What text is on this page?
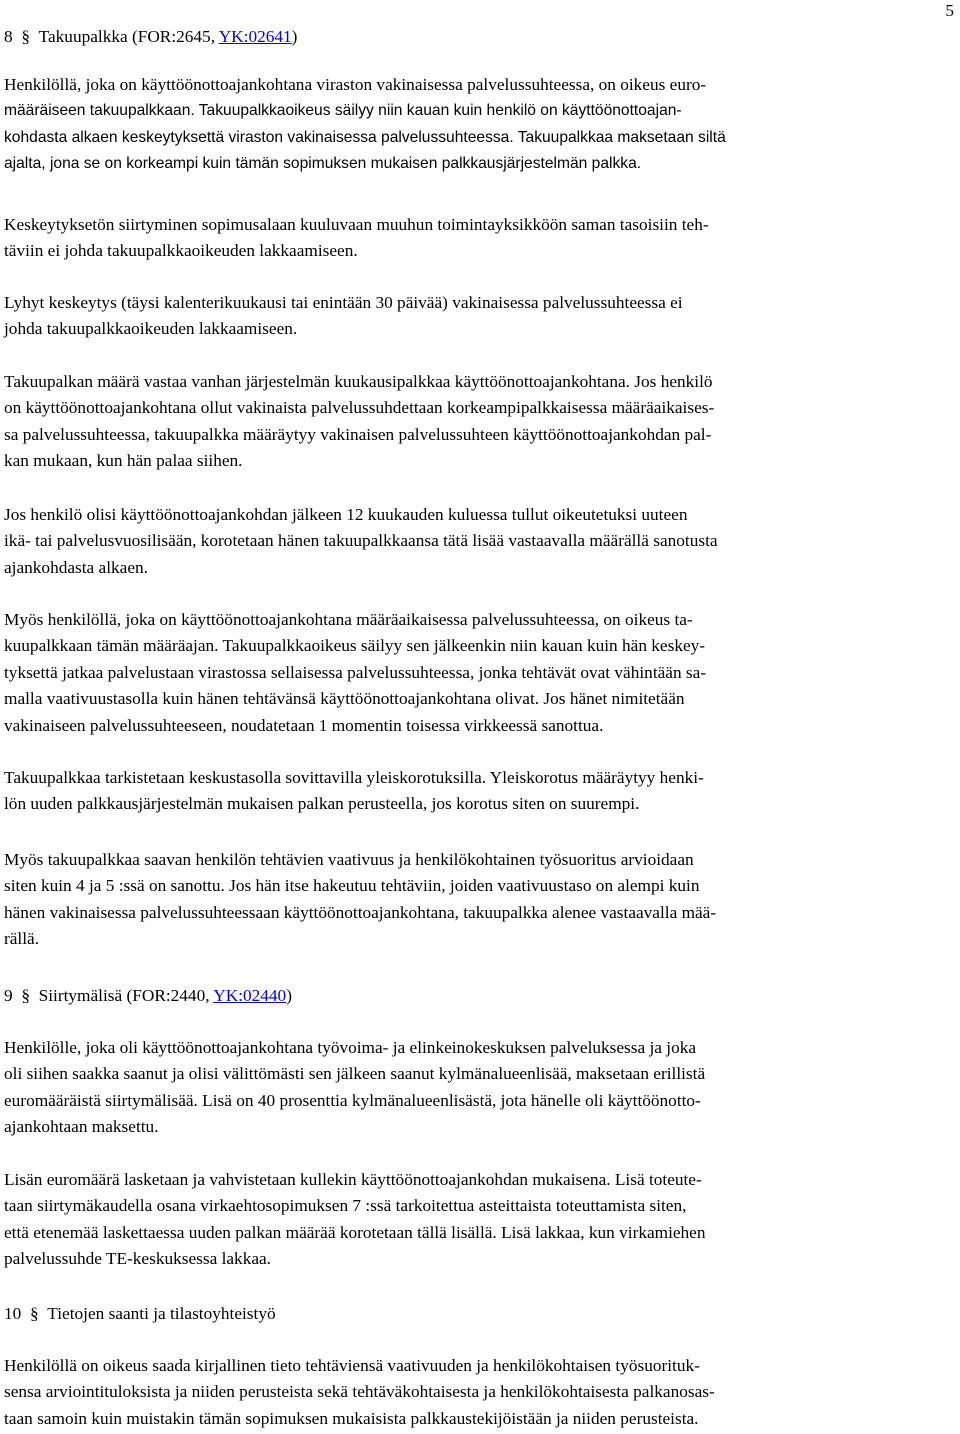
5
8 § Takuupalkka (FOR:2645, YK:02641)
Henkilöllä, joka on käyttöönottoajankohtana viraston vakinaisessa palvelussuhteessa, on oikeus euro-
määräiseen takuupalkkaan. Takuupalkkaoikeus säilyy niin kauan kuin henkilö on käyttöönottoajan-
kohdasta alkaen keskeytyksettä viraston vakinaisessa palvelussuhteessa. Takuupalkkaa maksetaan siltä
ajalta, jona se on korkeampi kuin tämän sopimuksen mukaisen palkkausjärjestelmän palkka.
Keskeytyksetön siirtyminen sopimusalaan kuuluvaan muuhun toimintayksikköön saman tasoisiin teh-
täviin ei johda takuupalkkaoikeuden lakkaamiseen.
Lyhyt keskeytys (täysi kalenterikuukausi tai enintään 30 päivää) vakinaisessa palvelussuhteessa ei
johda takuupalkkaoikeuden lakkaamiseen.
Takuupalkan määrä vastaa vanhan järjestelmän kuukausipalkkaa käyttöönottoajankohtana. Jos henkilö
on käyttöönottoajankohtana ollut vakinaista palvelussuhdettaan korkeampipalkkaisessa määräaikaises-
sa palvelussuhteessa, takuupalkka määräytyy vakinaisen palvelussuhteen käyttöönottoajankohdan pal-
kan mukaan, kun hän palaa siihen.
Jos henkilö olisi käyttöönottoajankohdan jälkeen 12 kuukauden kuluessa tullut oikeutetuksi uuteen
ikä- tai palvelusvuosilisään, korotetaan hänen takuupalkkaansa tätä lisää vastaavalla määrällä sanotusta
ajankohdasta alkaen.
Myös henkilöllä, joka on käyttöönottoajankohtana määräaikaisessa palvelussuhteessa, on oikeus ta-
kuupalkkaan tämän määräajan. Takuupalkkaoikeus säilyy sen jälkeenkin niin kauan kuin hän keskey-
tyksettä jatkaa palvelustaan virastossa sellaisessa palvelussuhteessa, jonka tehtävät ovat vähintään sa-
malla vaativuustasolla kuin hänen tehtävänsä käyttöönottoajankohtana olivat. Jos hänet nimitetään
vakinaiseen palvelussuhteeseen, noudatetaan 1 momentin toisessa virkkeessä sanottua.
Takuupalkkaa tarkistetaan keskustasolla sovittavilla yleiskorotuksilla. Yleiskorotus määräytyy henki-
lön uuden palkkausjärjestelmän mukaisen palkan perusteella, jos korotus siten on suurempi.
Myös takuupalkkaa saavan henkilön tehtävien vaativuus ja henkilökohtainen työsuoritus arvioidaan
siten kuin 4 ja 5 :ssä on sanottu. Jos hän itse hakeutuu tehtäviin, joiden vaativuustaso on alempi kuin
hänen vakinaisessa palvelussuhteessaan käyttöönottoajankohtana, takuupalkka alenee vastaavalla mää-
rällä.
9 § Siirtymälisä (FOR:2440, YK:02440)
Henkilölle, joka oli käyttöönottoajankohtana työvoima- ja elinkeinokeskuksen palveluksessa ja joka
oli siihen saakka saanut ja olisi välittömästi sen jälkeen saanut kylmänalueenlisää, maksetaan erillistä
euromääräistä siirtymälisää. Lisä on 40 prosenttia kylmänalueenlisästä, jota hänelle oli käyttöönotto-
ajankohtaan maksettu.
Lisän euromäärä lasketaan ja vahvistetaan kullekin käyttöönottoajankohdan mukaisena. Lisä toteute-
taan siirtymäkaudella osana virkaehtosopimuksen 7 :ssä tarkoitettua asteittaista toteuttamista siten,
että etenemää laskettaessa uuden palkan määrää korotetaan tällä lisällä. Lisä lakkaa, kun virkamiehen
palvelussuhde TE-keskuksessa lakkaa.
10 § Tietojen saanti ja tilastoyhteistyö
Henkilöllä on oikeus saada kirjallinen tieto tehtäviensä vaativuuden ja henkilökohtaisen työsuorituk-
sensa arviointituloksista ja niiden perusteista sekä tehtäväkohtaisesta ja henkilökohtaisesta palkanosas-
taan samoin kuin muistakin tämän sopimuksen mukaisista palkkaustekijöistään ja niiden perusteista.
